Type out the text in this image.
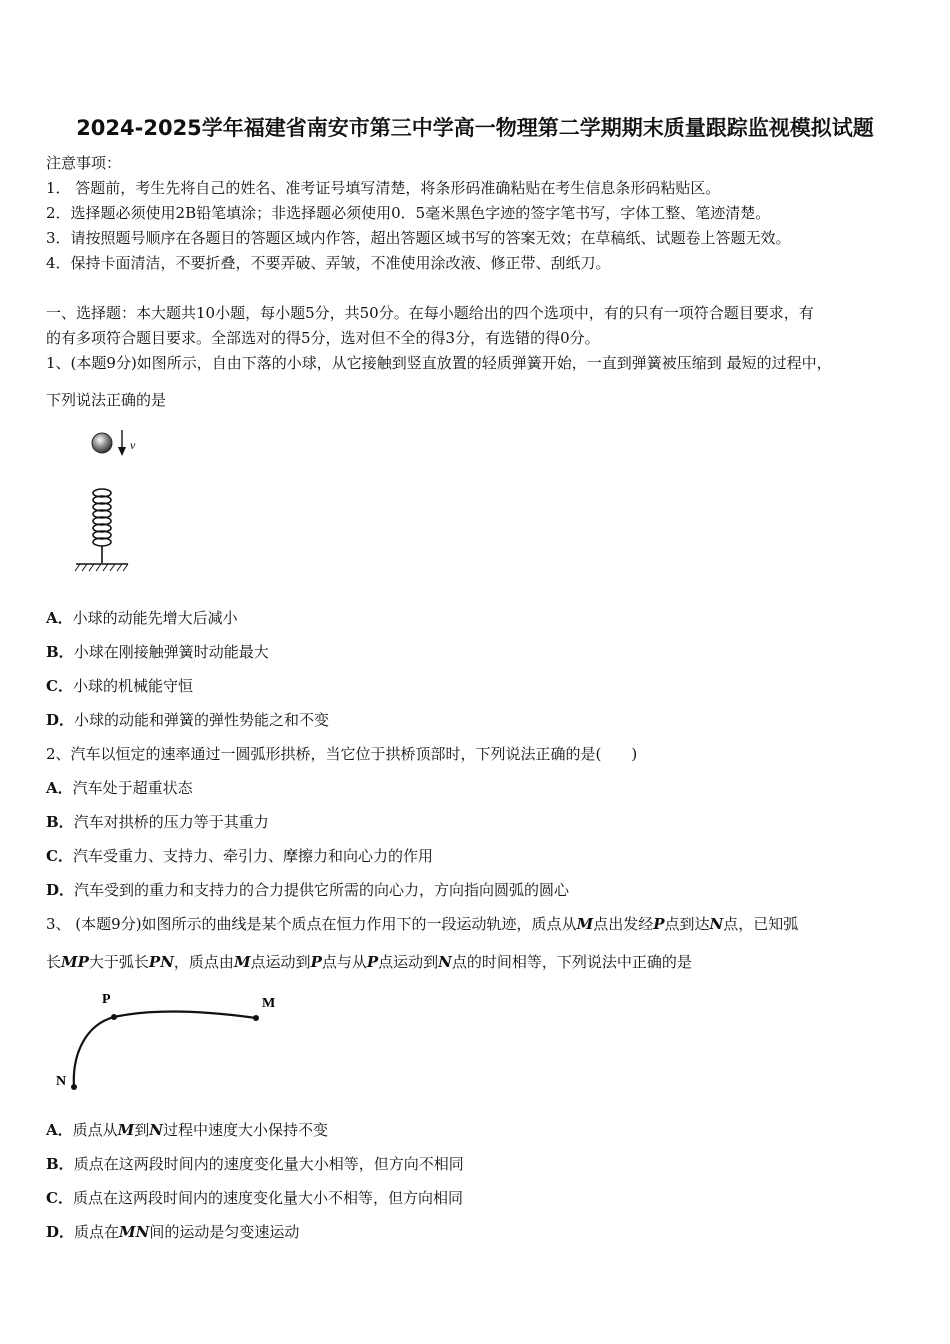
2024-2025学年福建省南安市第三中学高一物理第二学期期末质量跟踪监视模拟试题
注意事项：
1． 答题前，考生先将自己的姓名、准考证号填写清楚，将条形码准确粘贴在考生信息条形码粘贴区。
2．选择题必须使用2B铅笔填涂；非选择题必须使用0．5毫米黑色字迹的签字笔书写，字体工整、笔迹清楚。
3．请按照题号顺序在各题目的答题区域内作答，超出答题区域书写的答案无效；在草稿纸、试题卷上答题无效。
4．保持卡面清洁，不要折叠，不要弄破、弄皱，不准使用涂改液、修正带、刮纸刀。
一、选择题：本大题共10小题，每小题5分，共50分。在每小题给出的四个选项中，有的只有一项符合题目要求，有
的有多项符合题目要求。全部选对的得5分，选对但不全的得3分，有选错的得0分。
1、(本题9分)如图所示，自由下落的小球，从它接触到竖直放置的轻质弹簧开始，一直到弹簧被压缩到 最短的过程中，
下列说法正确的是
v
A．小球的动能先增大后减小
B．小球在刚接触弹簧时动能最大
C．小球的机械能守恒
D．小球的动能和弹簧的弹性势能之和不变
2、汽车以恒定的速率通过一圆弧形拱桥，当它位于拱桥顶部时，下列说法正确的是(　　)
A．汽车处于超重状态
B．汽车对拱桥的压力等于其重力
C．汽车受重力、支持力、牵引力、摩擦力和向心力的作用
D．汽车受到的重力和支持力的合力提供它所需的向心力，方向指向圆弧的圆心
3、 (本题9分)如图所示的曲线是某个质点在恒力作用下的一段运动轨迹，质点从M点出发经P点到达N点，已知弧
长MP大于弧长PN，质点由M点运动到P点与从P点运动到N点的时间相等，下列说法中正确的是
P	M
N
A．质点从M到N过程中速度大小保持不变
B．质点在这两段时间内的速度变化量大小相等，但方向不相同
C．质点在这两段时间内的速度变化量大小不相等，但方向相同
D．质点在MN间的运动是匀变速运动
